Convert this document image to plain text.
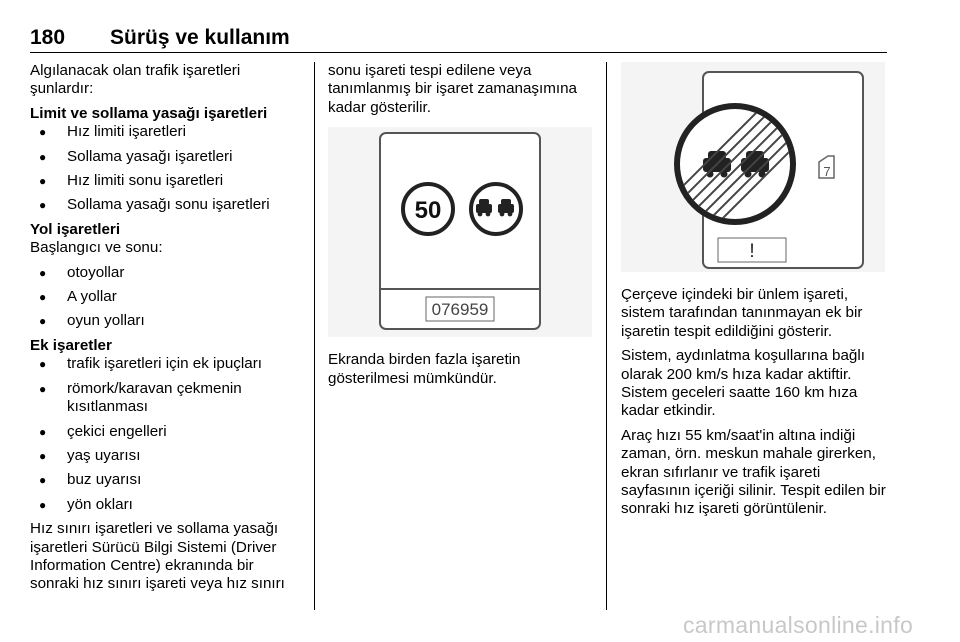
180 Sürüş ve kullanım

Algılanacak olan trafik işaretleri şunlardır:

Limit ve sollama yasağı işaretleri
● Hız limiti işaretleri
● Sollama yasağı işaretleri
● Hız limiti sonu işaretleri
● Sollama yasağı sonu işaretleri
Yol işaretleri

Başlangıcı ve sonu:

● otoyollar
● A yollar
● oyun yolları
Ek işaretler
● trafik işaretleri için ek ipuçları
● römork/karavan çekmenin kısıtlanması
● çekici engelleri
● yaş uyarısı
● buz uyarısı
● yön okları

Hız sınırı işaretleri ve sollama yasağı işaretleri Sürücü Bilgi Sistemi (Driver Information Centre) ekranında bir sonraki hız sınırı işareti veya hız sınırı

sonu işareti tespi edilene veya tanımlanmış bir işaret zamanaşımına kadar gösterilir.

50
076959

Ekranda birden fazla işaretin gösterilmesi mümkündür.

!
7

Çerçeve içindeki bir ünlem işareti, sistem tarafından tanınmayan ek bir işaretin tespit edildiğini gösterir.

Sistem, aydınlatma koşullarına bağlı olarak 200 km/s hıza kadar aktiftir. Sistem geceleri saatte 160 km hıza kadar etkindir.

Araç hızı 55 km/saat'in altına indiği zaman, örn. meskun mahale girerken, ekran sıfırlanır ve trafik işareti sayfasının içeriği silinir. Tespit edilen bir sonraki hız işareti görüntülenir.

carmanualsonline.info
